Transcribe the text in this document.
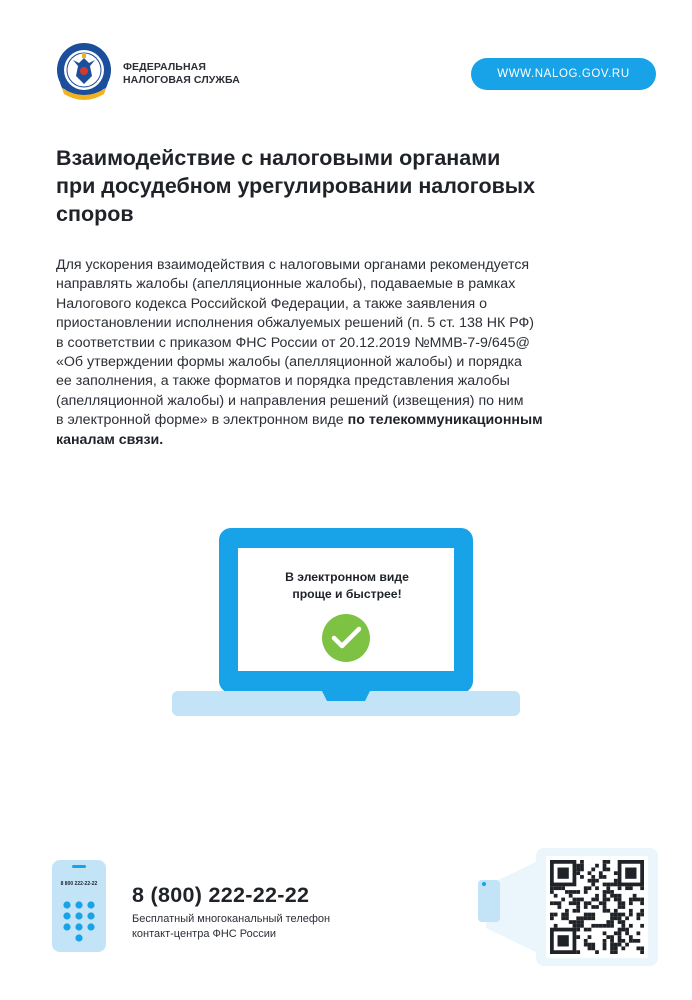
ФЕДЕРАЛЬНАЯ
НАЛОГОВАЯ СЛУЖБА	WWW.NALOG.GOV.RU
Взаимодействие с налоговыми органами
при досудебном урегулировании налоговых
споров

Для ускорения взаимодействия с налоговыми органами рекомендуется
направлять жалобы (апелляционные жалобы), подаваемые в рамках
Налогового кодекса Российской Федерации, а также заявления о
приостановлении исполнения обжалуемых решений (п. 5 ст. 138 НК РФ)
в соответствии с приказом ФНС России от 20.12.2019 №ММВ-7-9/645@
«Об утверждении формы жалобы (апелляционной жалобы) и порядка
ее заполнения, а также форматов и порядка представления жалобы
(апелляционной жалобы) и направления решений (извещения) по ним
в электронной форме» в электронном виде по телекоммуникационным
каналам связи.

В электронном виде
проще и быстрее!
8 800 222-22-22 8 (800) 222-22-22
Бесплатный многоканальный телефон
контакт-центра ФНС России
